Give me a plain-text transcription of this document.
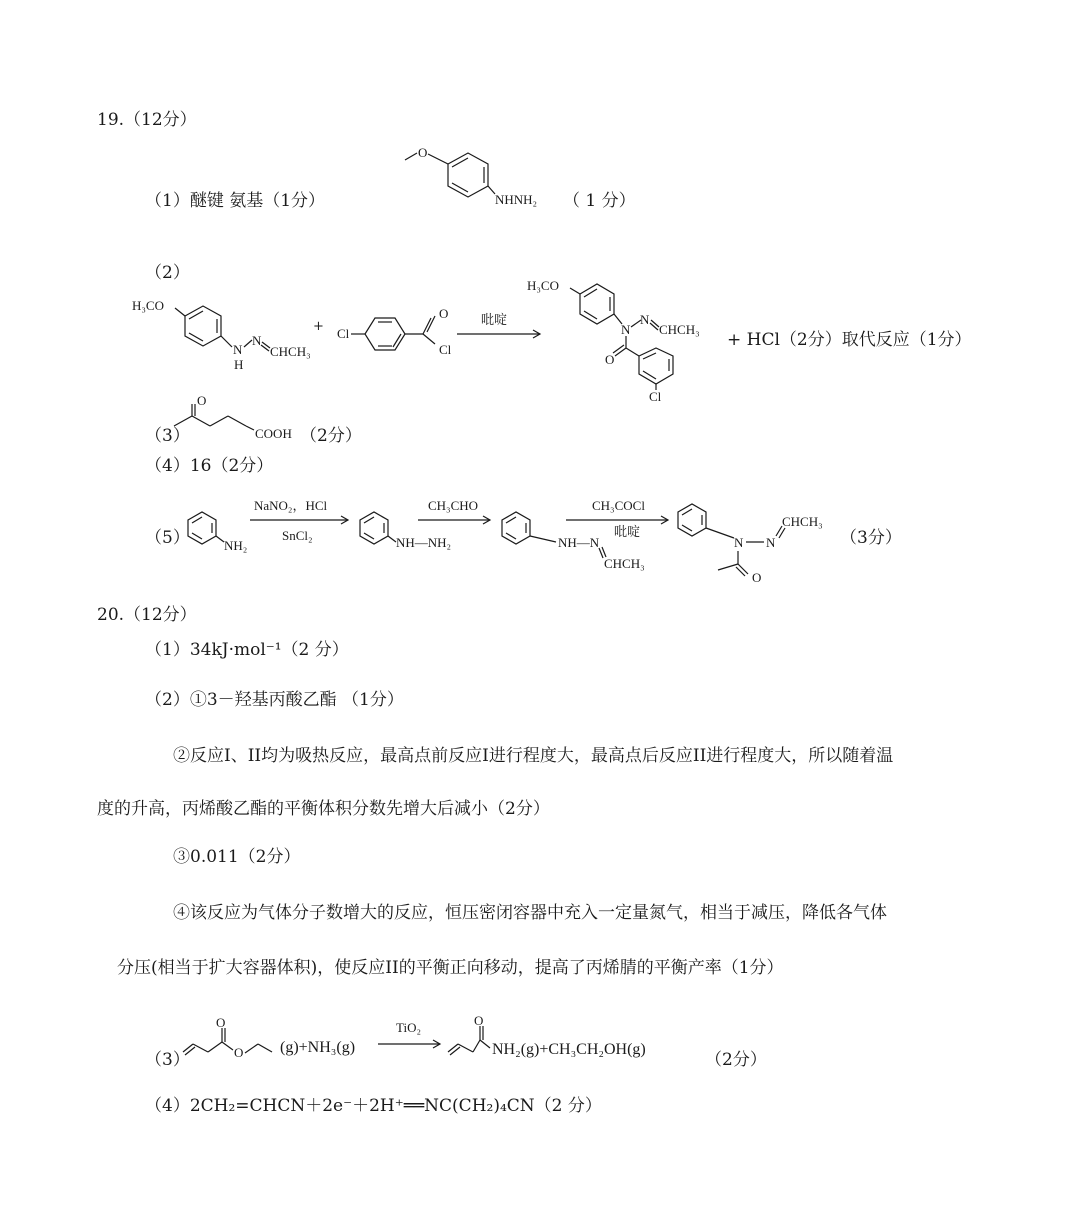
19.（12分）
（1）醚键 氨基（1分）
O
NHNH₂ （ 1 分）
（2）
H₃CO
N
H
N
CHCH₃
+ Cl
O
Cl
吡啶
H₃CO
N
N
CHCH₃
O
Cl
+ HCl（2分）取代反应（1分）
（3）
O
COOH （2分）
（4）16（2分）
（5）	NH₂
NaNO₂，HCl
SnCl₂	NH—NH₂
CH₃CHO
NH—N
CHCH₃
CH₃COCl
吡啶
N N
CHCH₃
O
（3分）
20.（12分）
（1）34kJ·mol⁻¹（2 分）
（2）①3－羟基丙酸乙酯 （1分）
②反应I、II均为吸热反应，最高点前反应I进行程度大，最高点后反应II进行程度大，所以随着温
度的升高，丙烯酸乙酯的平衡体积分数先增大后减小（2分）
③0.011（2分）
④该反应为气体分子数增大的反应，恒压密闭容器中充入一定量氮气，相当于减压，降低各气体
分压(相当于扩大容器体积)，使反应II的平衡正向移动，提高了丙烯腈的平衡产率（1分）
（3）
O
O (g)+NH₃(g)
TiO₂	O
NH₂(g)+CH₃CH₂OH(g)
（2分）
（4）2CH₂=CHCN＋2e⁻＋2H⁺══NC(CH₂)₄CN（2 分）
